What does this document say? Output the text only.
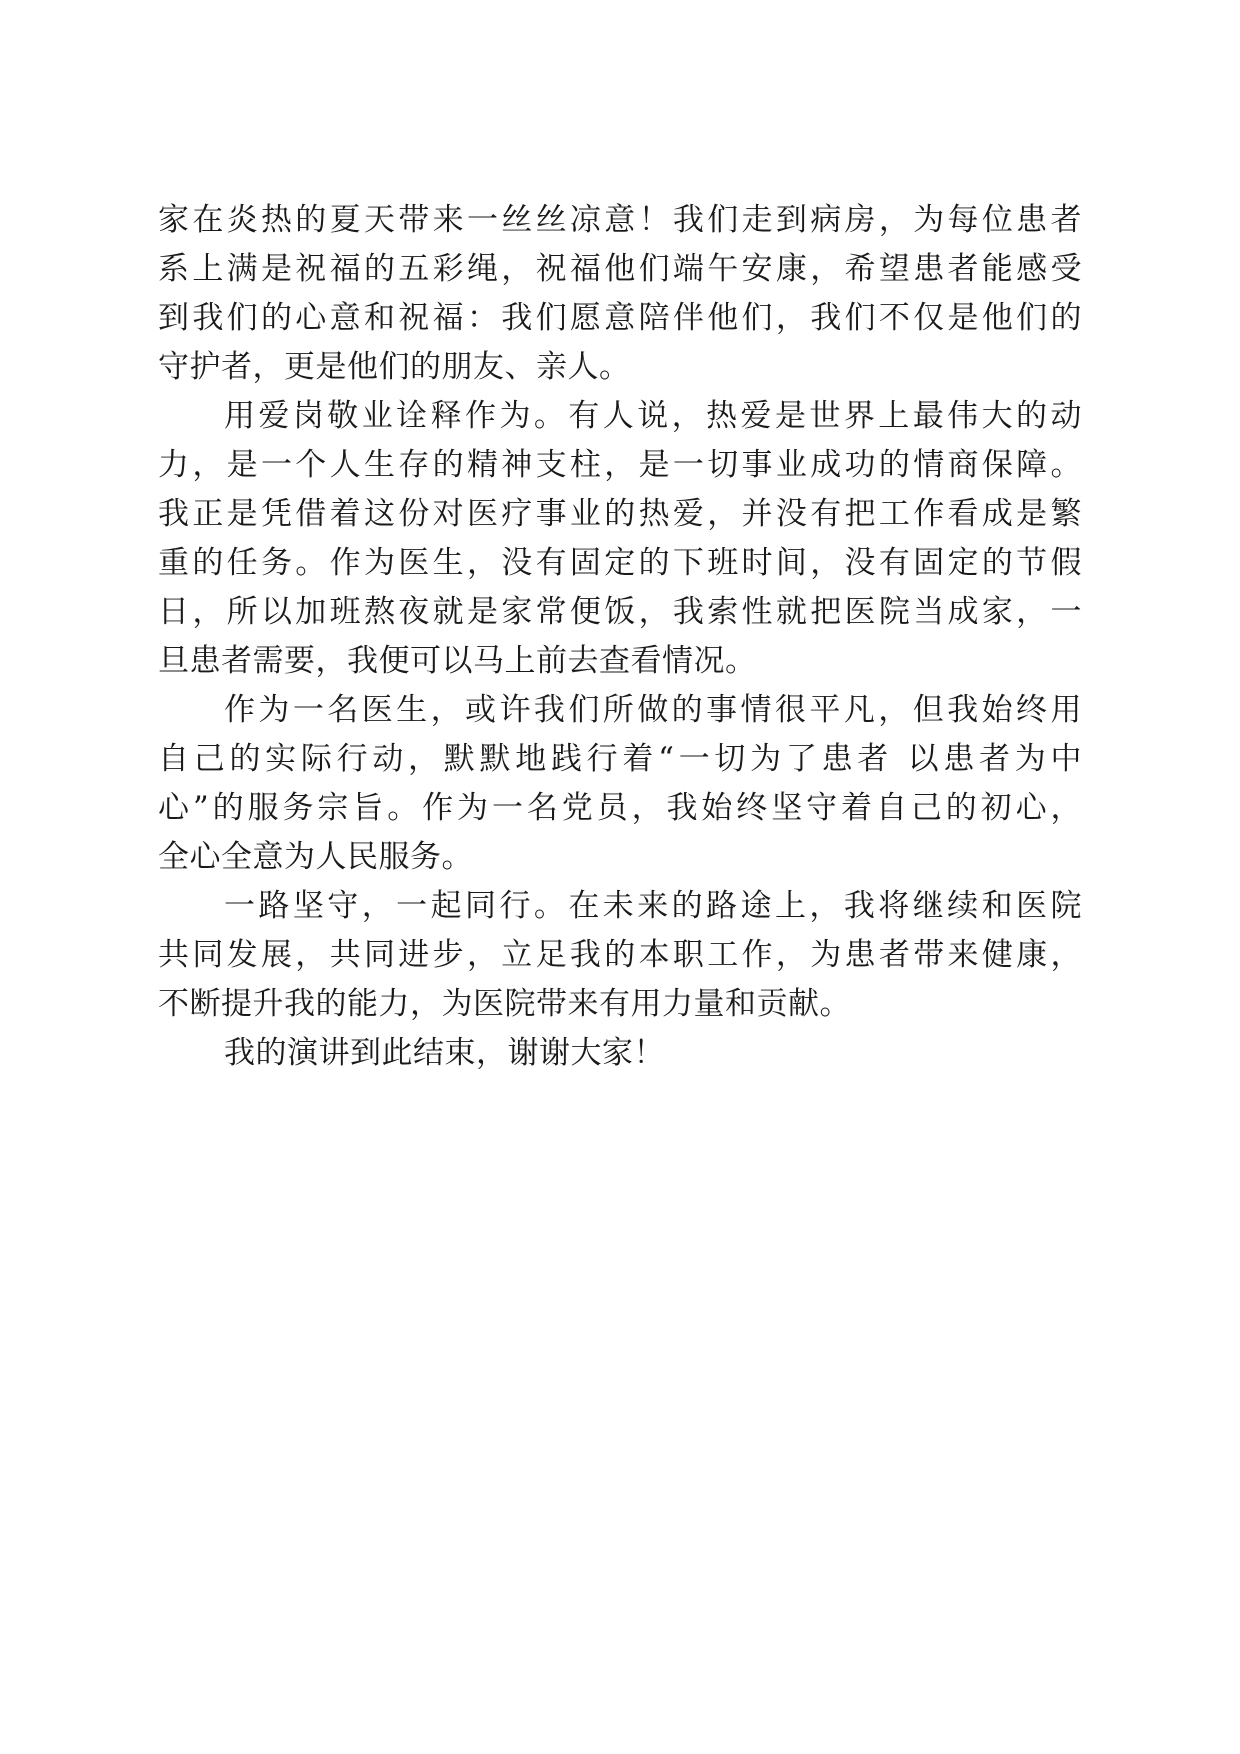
家在炎热的夏天带来一丝丝凉意！我们走到病房，为每位患者
系上满是祝福的五彩绳，祝福他们端午安康，希望患者能感受
到我们的心意和祝福：我们愿意陪伴他们，我们不仅是他们的
守护者，更是他们的朋友、亲人。
用爱岗敬业诠释作为。有人说，热爱是世界上最伟大的动
力，是一个人生存的精神支柱，是一切事业成功的情商保障。
我正是凭借着这份对医疗事业的热爱，并没有把工作看成是繁
重的任务。作为医生，没有固定的下班时间，没有固定的节假
日，所以加班熬夜就是家常便饭，我索性就把医院当成家，一
旦患者需要，我便可以马上前去查看情况。
作为一名医生，或许我们所做的事情很平凡，但我始终用
自己的实际行动，默默地践行着“一切为了患者 以患者为中
心”的服务宗旨。作为一名党员，我始终坚守着自己的初心，
全心全意为人民服务。
一路坚守，一起同行。在未来的路途上，我将继续和医院
共同发展，共同进步，立足我的本职工作，为患者带来健康，
不断提升我的能力，为医院带来有用力量和贡献。
我的演讲到此结束，谢谢大家！
